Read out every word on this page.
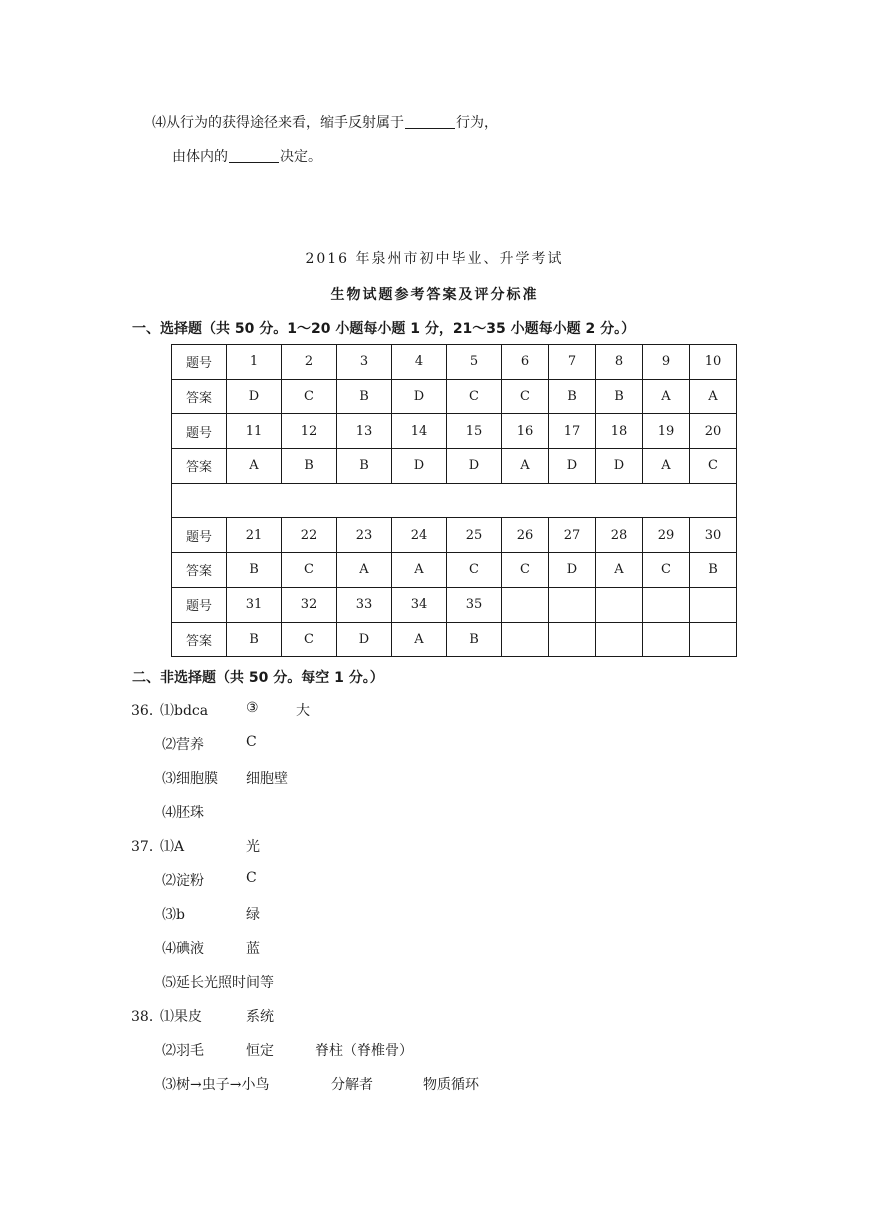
⑷从行为的获得途径来看，缩手反射属于	行为，
由体内的	决定。
2016 年泉州市初中毕业、升学考试
生物试题参考答案及评分标准
一、选择题（共 50 分。1～20 小题每小题 1 分，21～35 小题每小题 2 分。）
题号	1	2	3	4	5	6	7	8	9	10
答案	D	C	B	D	C	C	B	B	A	A
题号	11	12	13	14	15	16	17	18	19	20
答案	A	B	B	D	D	A	D	D	A	C

题号	21	22	23	24	25	26	27	28	29	30
答案	B	C	A	A	C	C	D	A	C	B
题号	31	32	33	34	35					
答案	B	C	D	A	B					
二、非选择题（共 50 分。每空 1 分。）
36．
⑴bdca	③	大
⑵营养	C
⑶细胞膜 细胞壁
⑷胚珠
37．
⑴A	光
⑵淀粉	C
⑶b	绿
⑷碘液	蓝
⑸延长光照时间等
38．
⑴果皮	系统
⑵羽毛	恒定	脊柱（脊椎骨）
⑶树→虫子→小鸟	分解者	物质循环
